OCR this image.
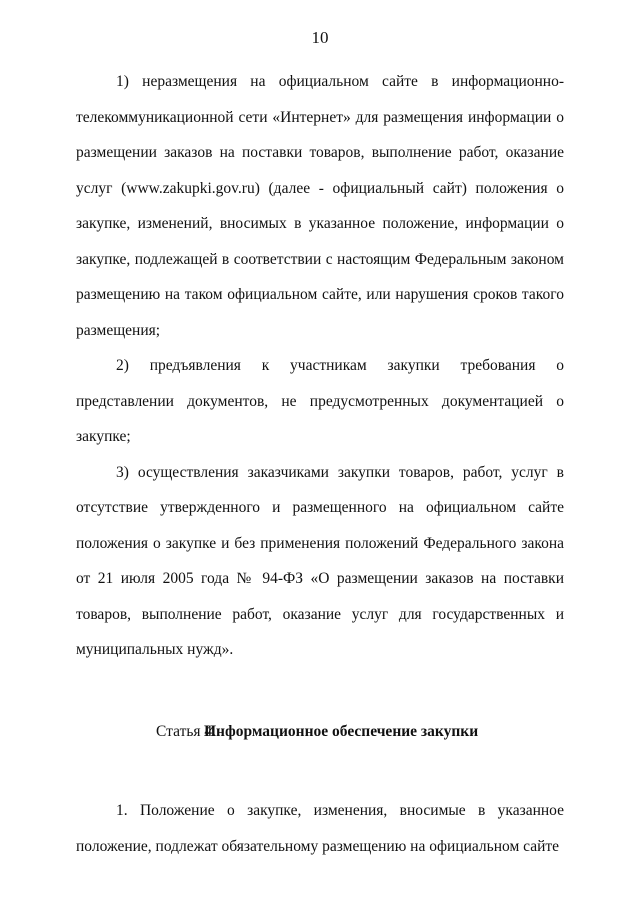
10

1) неразмещения на официальном сайте в информационно-телекоммуникационной сети «Интернет» для размещения информации о размещении заказов на поставки товаров, выполнение работ, оказание услуг (www.zakupki.gov.ru) (далее - официальный сайт) положения о закупке, изменений, вносимых в указанное положение, информации о закупке, подлежащей в соответствии с настоящим Федеральным законом размещению на таком официальном сайте, или нарушения сроков такого размещения;

2) предъявления к участникам закупки требования о представлении документов, не предусмотренных документацией о закупке;

3) осуществления заказчиками закупки товаров, работ, услуг в отсутствие утвержденного и размещенного на официальном сайте положения о закупке и без применения положений Федерального закона от 21 июля 2005 года № 94-ФЗ «О размещении заказов на поставки товаров, выполнение работ, оказание услуг для государственных и муниципальных нужд».

Статья 4.Информационное обеспечение закупки

1. Положение о закупке, изменения, вносимые в указанное положение, подлежат обязательному размещению на официальном сайте
